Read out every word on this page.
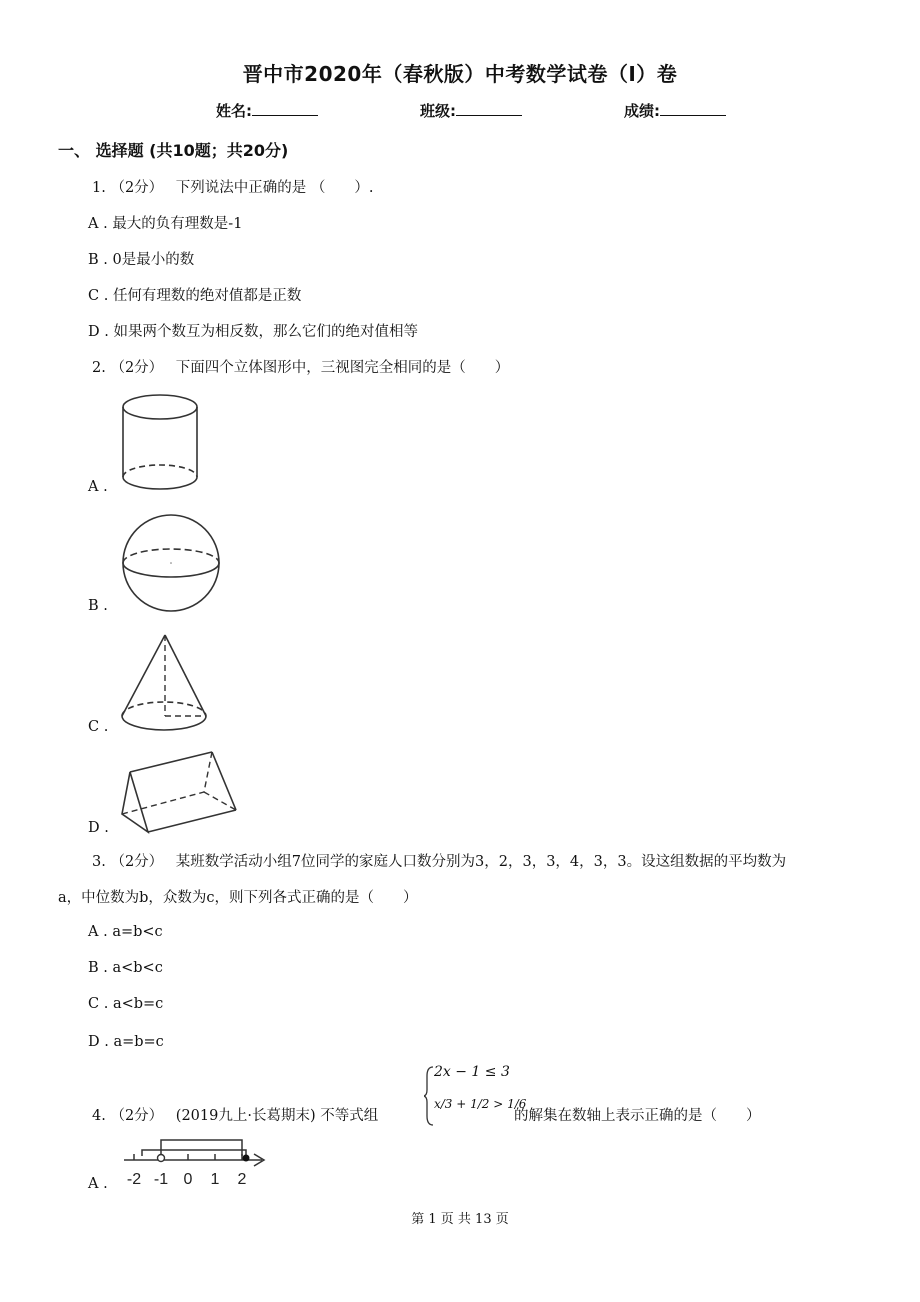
晋中市2020年（春秋版）中考数学试卷（I）卷
姓名:	班级:	成绩:
一、 选择题 (共10题；共20分)
1. （2分） 下列说法中正确的是 （　　）.
A . 最大的负有理数是-1
B . 0是最小的数
C . 任何有理数的绝对值都是正数
D . 如果两个数互为相反数，那么它们的绝对值相等
2. （2分） 下面四个立体图形中，三视图完全相同的是（　　）
A .
B .
C .
D .
3. （2分） 某班数学活动小组7位同学的家庭人口数分别为3，2，3，3，4，3，3。设这组数据的平均数为
a，中位数为b，众数为c，则下列各式正确的是（　　）
A . a=b<c
B . a<b<c
C . a<b=c
D . a=b=c
4. （2分） (2019九上·长葛期末) 不等式组
2x − 1 ≤ 3
x/3 + 1/2 > 1/6
的解集在数轴上表示正确的是（　　）
-2 -1 0 1 2
A .
第 1 页 共 13 页
